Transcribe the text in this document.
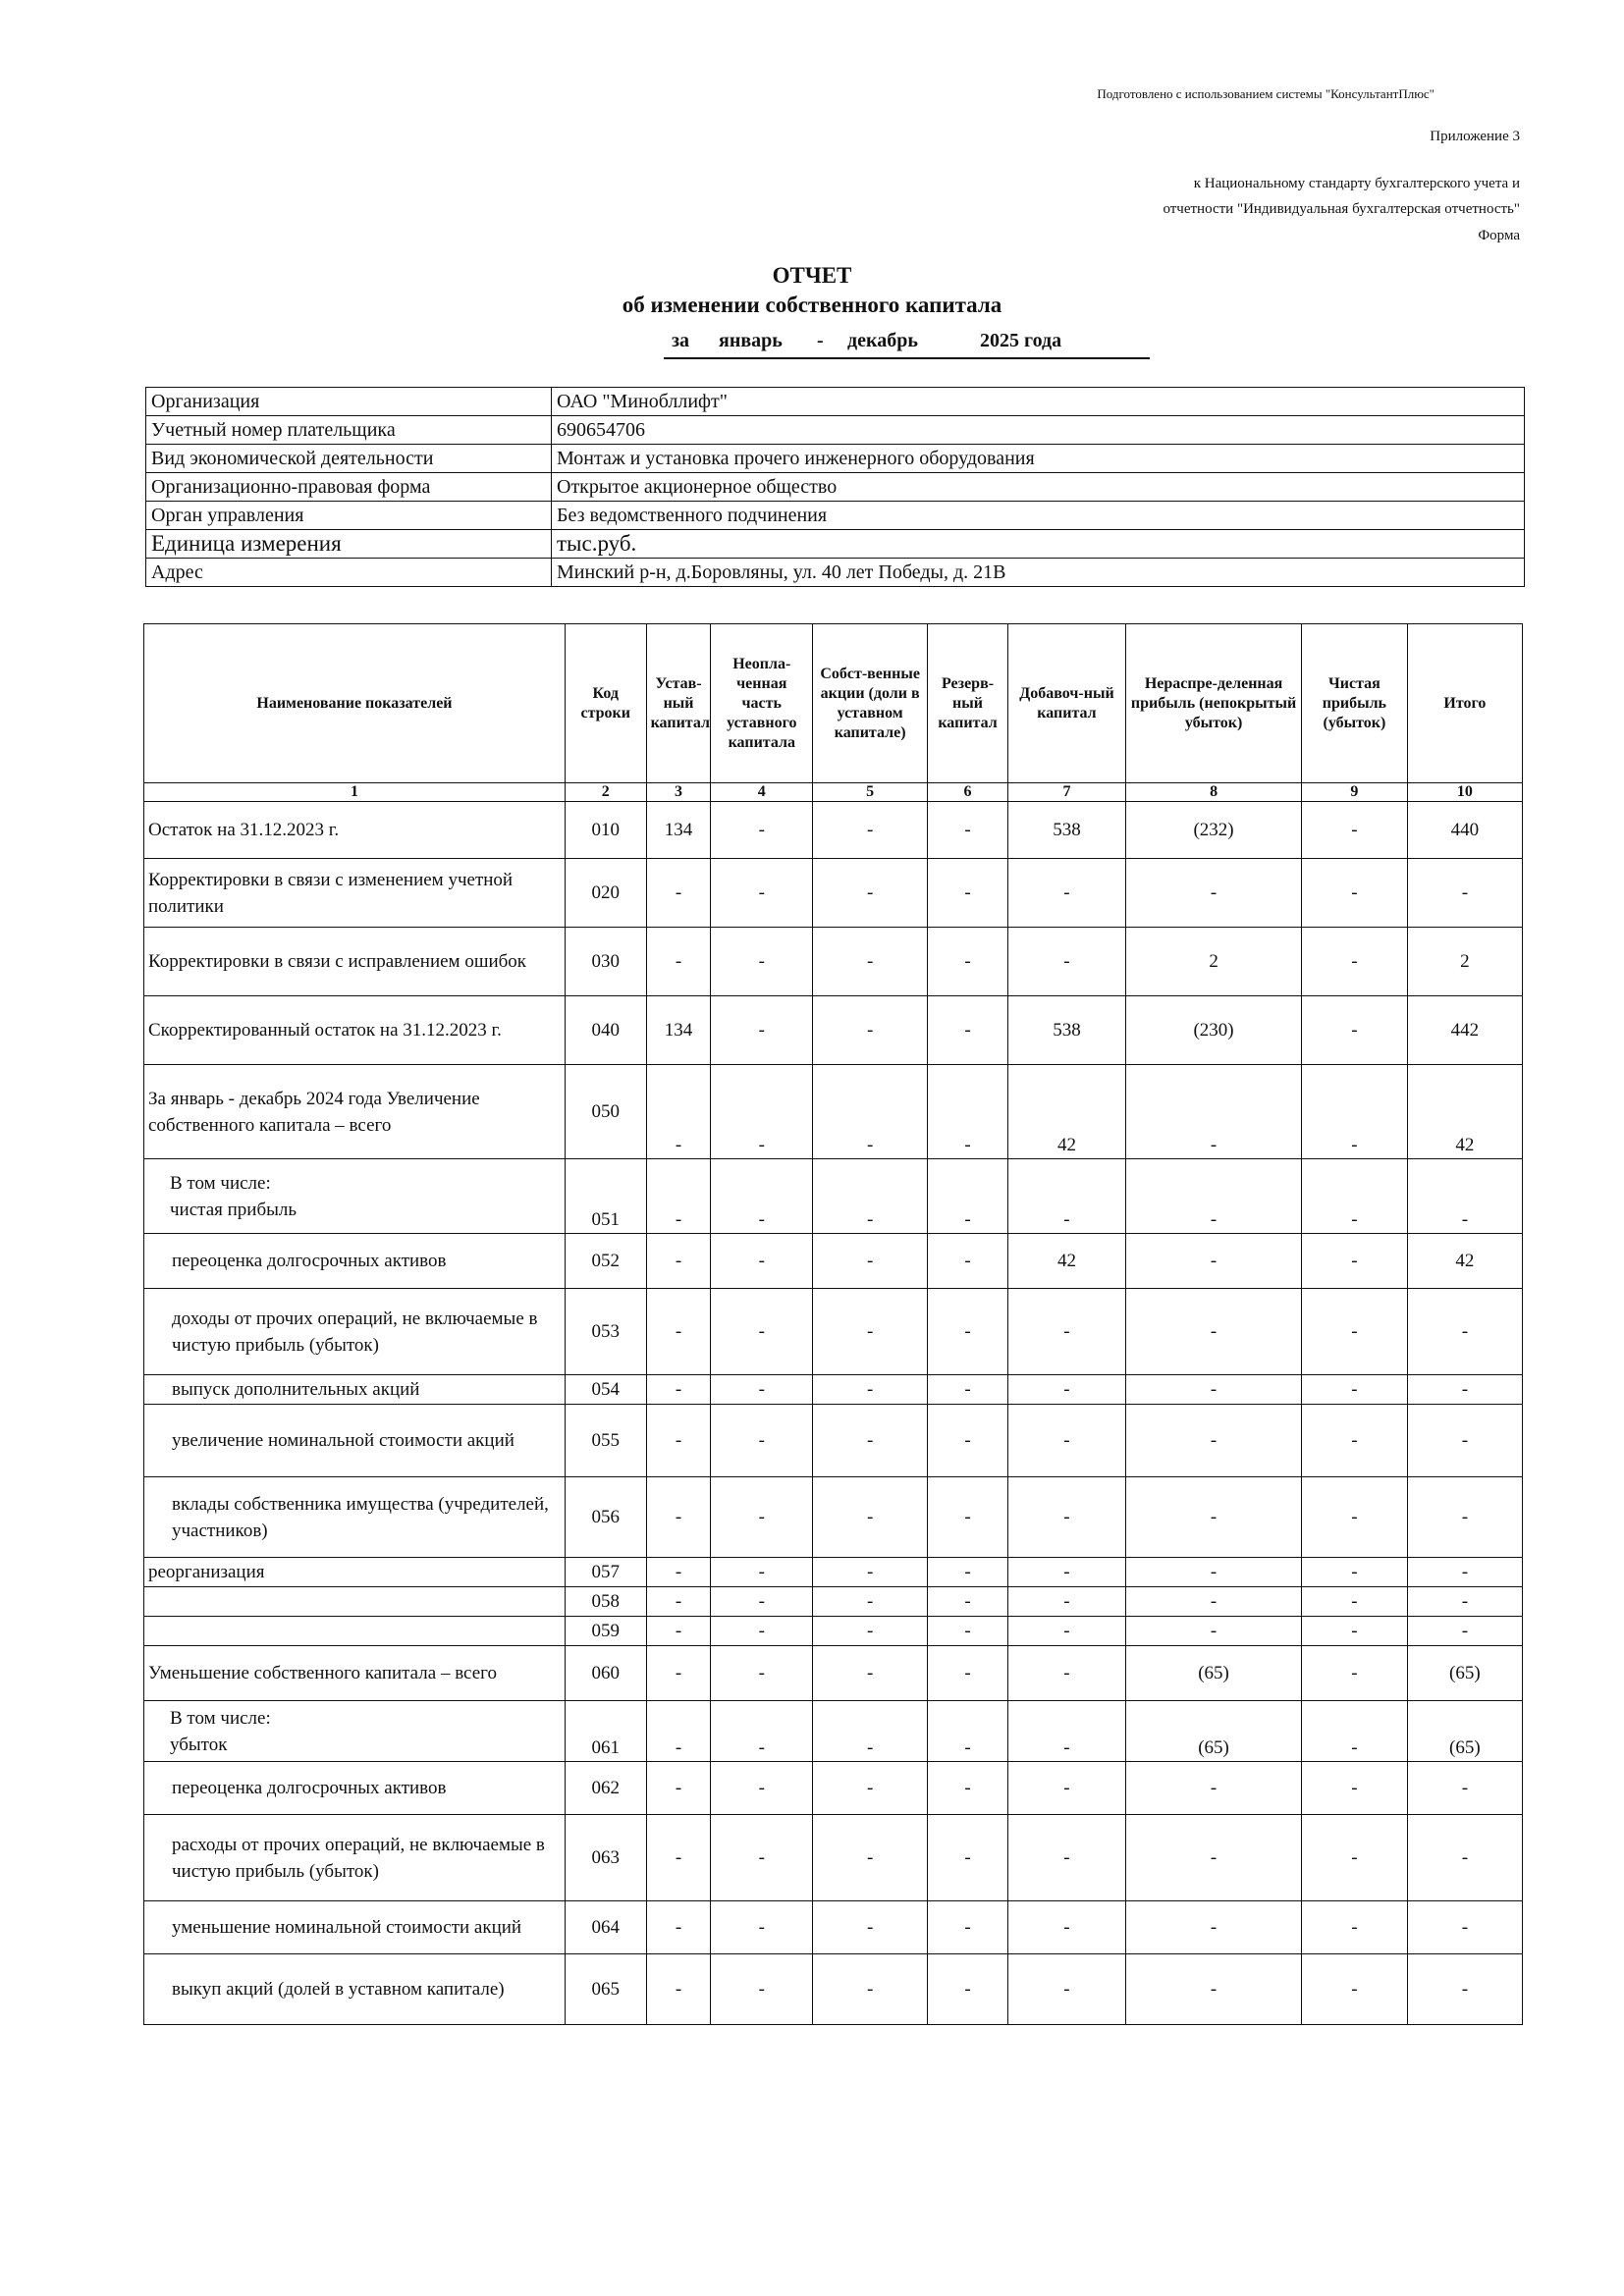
Подготовлено с использованием системы "КонсультантПлюс"
Приложение 3
к Национальному стандарту бухгалтерского учета и
отчетности "Индивидуальная бухгалтерская отчетность"
Форма
ОТЧЕТ
об изменении собственного капитала
за январь - декабрь	2025 года
Организация	ОАО "Минобллифт"
Учетный номер плательщика	690654706
Вид экономической деятельности	Монтаж и установка прочего инженерного оборудования
Организационно-правовая форма	Открытое акционерное общество
Орган управления	Без ведомственного подчинения
Единица измерения	тыс.руб.
Адрес	Минский р-н, д.Боровляны, ул. 40 лет Победы, д. 21В
Наименование показателей	Код строки	Устав-ный капитал	Неопла-ченная часть уставного капитала	Собст-венные акции (доли в уставном капитале)	Резерв-ный капитал	Добавоч-ный капитал	Нераспре-деленная прибыль (непокрытый убыток)	Чистая прибыль (убыток)	Итого
1	2	3	4	5	6	7	8	9	10
Остаток на 31.12.2023 г.	010	134	-	-	-	538	(232)	-	440
Корректировки в связи с изменением учетной политики	020	-	-	-	-	-	-	-	-
Корректировки в связи с исправлением ошибок	030	-	-	-	-	-	2	-	2
Скорректированный остаток на 31.12.2023 г.	040	134	-	-	-	538	(230)	-	442
За январь - декабрь 2024 года Увеличение собственного капитала – всего	050	-	-	-	-	42	-	-	42

В том числе:
чистая прибыль	051	-	-	-	-	-	-	-	-
переоценка долгосрочных активов	052	-	-	-	-	42	-	-	42
доходы от прочих операций, не включаемые в чистую прибыль (убыток)	053	-	-	-	-	-	-	-	-
выпуск дополнительных акций	054	-	-	-	-	-	-	-	-
увеличение номинальной стоимости акций	055	-	-	-	-	-	-	-	-
вклады собственника имущества (учредителей, участников)	056	-	-	-	-	-	-	-	-
реорганизация	057	-	-	-	-	-	-	-	-
	058	-	-	-	-	-	-	-	-
	059	-	-	-	-	-	-	-	-
Уменьшение собственного капитала – всего	060	-	-	-	-	-	(65)	-	(65)

В том числе:
убыток	061	-	-	-	-	-	(65)	-	(65)
переоценка долгосрочных активов	062	-	-	-	-	-	-	-	-
расходы от прочих операций, не включаемые в чистую прибыль (убыток)	063	-	-	-	-	-	-	-	-
уменьшение номинальной стоимости акций	064	-	-	-	-	-	-	-	-
выкуп акций (долей в уставном капитале)	065	-	-	-	-	-	-	-	-
